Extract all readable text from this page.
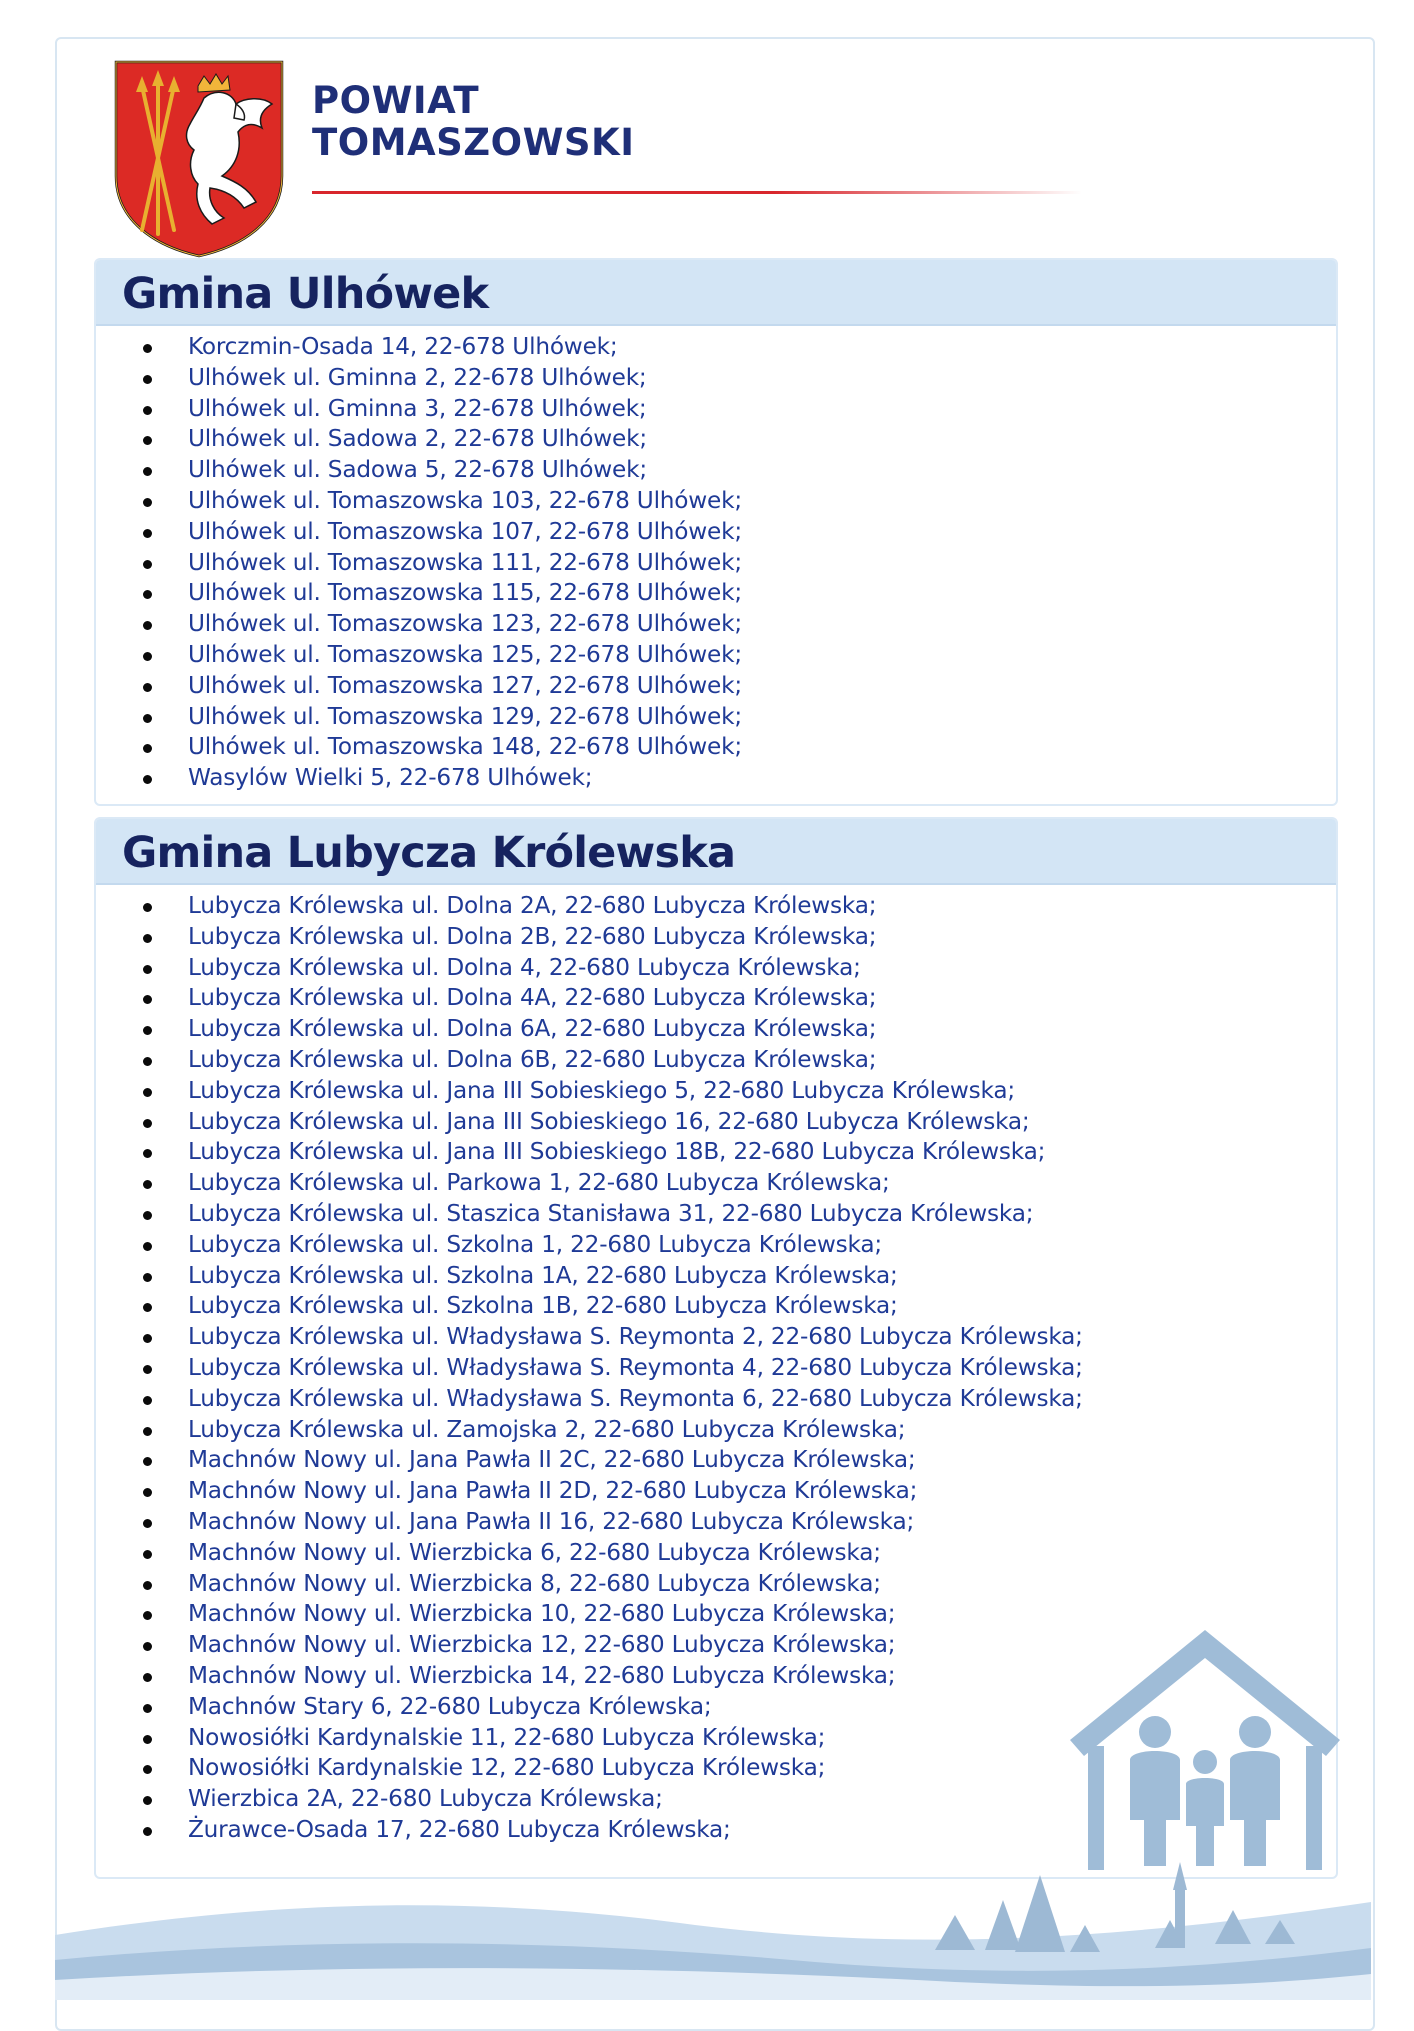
POWIAT
TOMASZOWSKI
Gmina Ulhówek
Korczmin-Osada 14, 22-678 Ulhówek;
Ulhówek ul. Gminna 2, 22-678 Ulhówek;
Ulhówek ul. Gminna 3, 22-678 Ulhówek;
Ulhówek ul. Sadowa 2, 22-678 Ulhówek;
Ulhówek ul. Sadowa 5, 22-678 Ulhówek;
Ulhówek ul. Tomaszowska 103, 22-678 Ulhówek;
Ulhówek ul. Tomaszowska 107, 22-678 Ulhówek;
Ulhówek ul. Tomaszowska 111, 22-678 Ulhówek;
Ulhówek ul. Tomaszowska 115, 22-678 Ulhówek;
Ulhówek ul. Tomaszowska 123, 22-678 Ulhówek;
Ulhówek ul. Tomaszowska 125, 22-678 Ulhówek;
Ulhówek ul. Tomaszowska 127, 22-678 Ulhówek;
Ulhówek ul. Tomaszowska 129, 22-678 Ulhówek;
Ulhówek ul. Tomaszowska 148, 22-678 Ulhówek;
Wasylów Wielki 5, 22-678 Ulhówek;
Gmina Lubycza Królewska
Lubycza Królewska ul. Dolna 2A, 22-680 Lubycza Królewska;
Lubycza Królewska ul. Dolna 2B, 22-680 Lubycza Królewska;
Lubycza Królewska ul. Dolna 4, 22-680 Lubycza Królewska;
Lubycza Królewska ul. Dolna 4A, 22-680 Lubycza Królewska;
Lubycza Królewska ul. Dolna 6A, 22-680 Lubycza Królewska;
Lubycza Królewska ul. Dolna 6B, 22-680 Lubycza Królewska;
Lubycza Królewska ul. Jana III Sobieskiego 5, 22-680 Lubycza Królewska;
Lubycza Królewska ul. Jana III Sobieskiego 16, 22-680 Lubycza Królewska;
Lubycza Królewska ul. Jana III Sobieskiego 18B, 22-680 Lubycza Królewska;
Lubycza Królewska ul. Parkowa 1, 22-680 Lubycza Królewska;
Lubycza Królewska ul. Staszica Stanisława 31, 22-680 Lubycza Królewska;
Lubycza Królewska ul. Szkolna 1, 22-680 Lubycza Królewska;
Lubycza Królewska ul. Szkolna 1A, 22-680 Lubycza Królewska;
Lubycza Królewska ul. Szkolna 1B, 22-680 Lubycza Królewska;
Lubycza Królewska ul. Władysława S. Reymonta 2, 22-680 Lubycza Królewska;
Lubycza Królewska ul. Władysława S. Reymonta 4, 22-680 Lubycza Królewska;
Lubycza Królewska ul. Władysława S. Reymonta 6, 22-680 Lubycza Królewska;
Lubycza Królewska ul. Zamojska 2, 22-680 Lubycza Królewska;
Machnów Nowy ul. Jana Pawła II 2C, 22-680 Lubycza Królewska;
Machnów Nowy ul. Jana Pawła II 2D, 22-680 Lubycza Królewska;
Machnów Nowy ul. Jana Pawła II 16, 22-680 Lubycza Królewska;
Machnów Nowy ul. Wierzbicka 6, 22-680 Lubycza Królewska;
Machnów Nowy ul. Wierzbicka 8, 22-680 Lubycza Królewska;
Machnów Nowy ul. Wierzbicka 10, 22-680 Lubycza Królewska;
Machnów Nowy ul. Wierzbicka 12, 22-680 Lubycza Królewska;
Machnów Nowy ul. Wierzbicka 14, 22-680 Lubycza Królewska;
Machnów Stary 6, 22-680 Lubycza Królewska;
Nowosiółki Kardynalskie 11, 22-680 Lubycza Królewska;
Nowosiółki Kardynalskie 12, 22-680 Lubycza Królewska;
Wierzbica 2A, 22-680 Lubycza Królewska;
Żurawce-Osada 17, 22-680 Lubycza Królewska;
